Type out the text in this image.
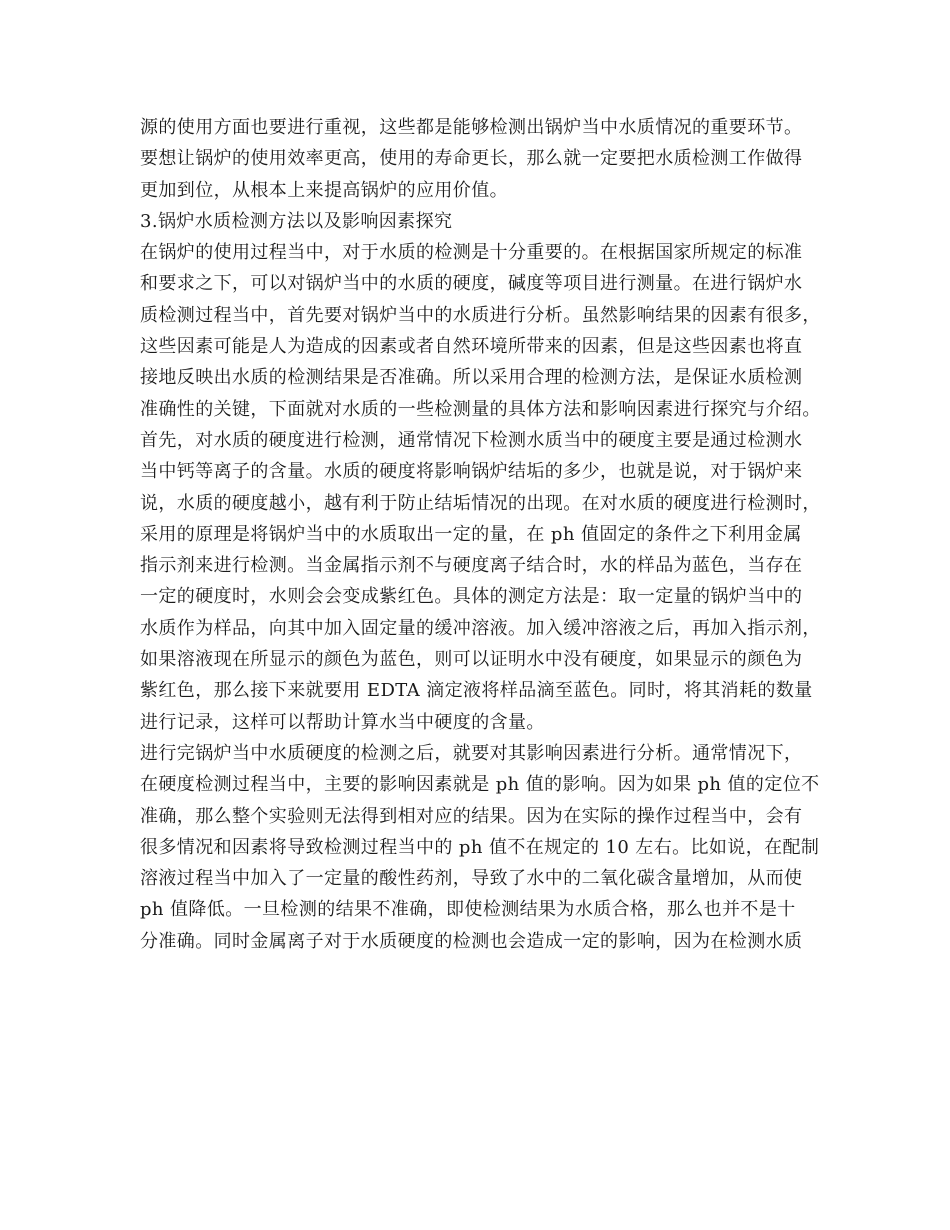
源的使用方面也要进行重视，这些都是能够检测出锅炉当中水质情况的重要环节。
要想让锅炉的使用效率更高，使用的寿命更长，那么就一定要把水质检测工作做得
更加到位，从根本上来提高锅炉的应用价值。
3.锅炉水质检测方法以及影响因素探究
在锅炉的使用过程当中，对于水质的检测是十分重要的。在根据国家所规定的标准
和要求之下，可以对锅炉当中的水质的硬度，碱度等项目进行测量。在进行锅炉水
质检测过程当中，首先要对锅炉当中的水质进行分析。虽然影响结果的因素有很多，
这些因素可能是人为造成的因素或者自然环境所带来的因素，但是这些因素也将直
接地反映出水质的检测结果是否准确。所以采用合理的检测方法，是保证水质检测
准确性的关键，下面就对水质的一些检测量的具体方法和影响因素进行探究与介绍。
首先，对水质的硬度进行检测，通常情况下检测水质当中的硬度主要是通过检测水
当中钙等离子的含量。水质的硬度将影响锅炉结垢的多少，也就是说，对于锅炉来
说，水质的硬度越小，越有利于防止结垢情况的出现。在对水质的硬度进行检测时，
采用的原理是将锅炉当中的水质取出一定的量，在 ph 值固定的条件之下利用金属
指示剂来进行检测。当金属指示剂不与硬度离子结合时，水的样品为蓝色，当存在
一定的硬度时，水则会会变成紫红色。具体的测定方法是：取一定量的锅炉当中的
水质作为样品，向其中加入固定量的缓冲溶液。加入缓冲溶液之后，再加入指示剂，
如果溶液现在所显示的颜色为蓝色，则可以证明水中没有硬度，如果显示的颜色为
紫红色，那么接下来就要用 EDTA 滴定液将样品滴至蓝色。同时，将其消耗的数量
进行记录，这样可以帮助计算水当中硬度的含量。
进行完锅炉当中水质硬度的检测之后，就要对其影响因素进行分析。通常情况下，
在硬度检测过程当中，主要的影响因素就是 ph 值的影响。因为如果 ph 值的定位不
准确，那么整个实验则无法得到相对应的结果。因为在实际的操作过程当中，会有
很多情况和因素将导致检测过程当中的 ph 值不在规定的 10 左右。比如说，在配制
溶液过程当中加入了一定量的酸性药剂，导致了水中的二氧化碳含量增加，从而使
ph 值降低。一旦检测的结果不准确，即使检测结果为水质合格，那么也并不是十
分准确。同时金属离子对于水质硬度的检测也会造成一定的影响，因为在检测水质
